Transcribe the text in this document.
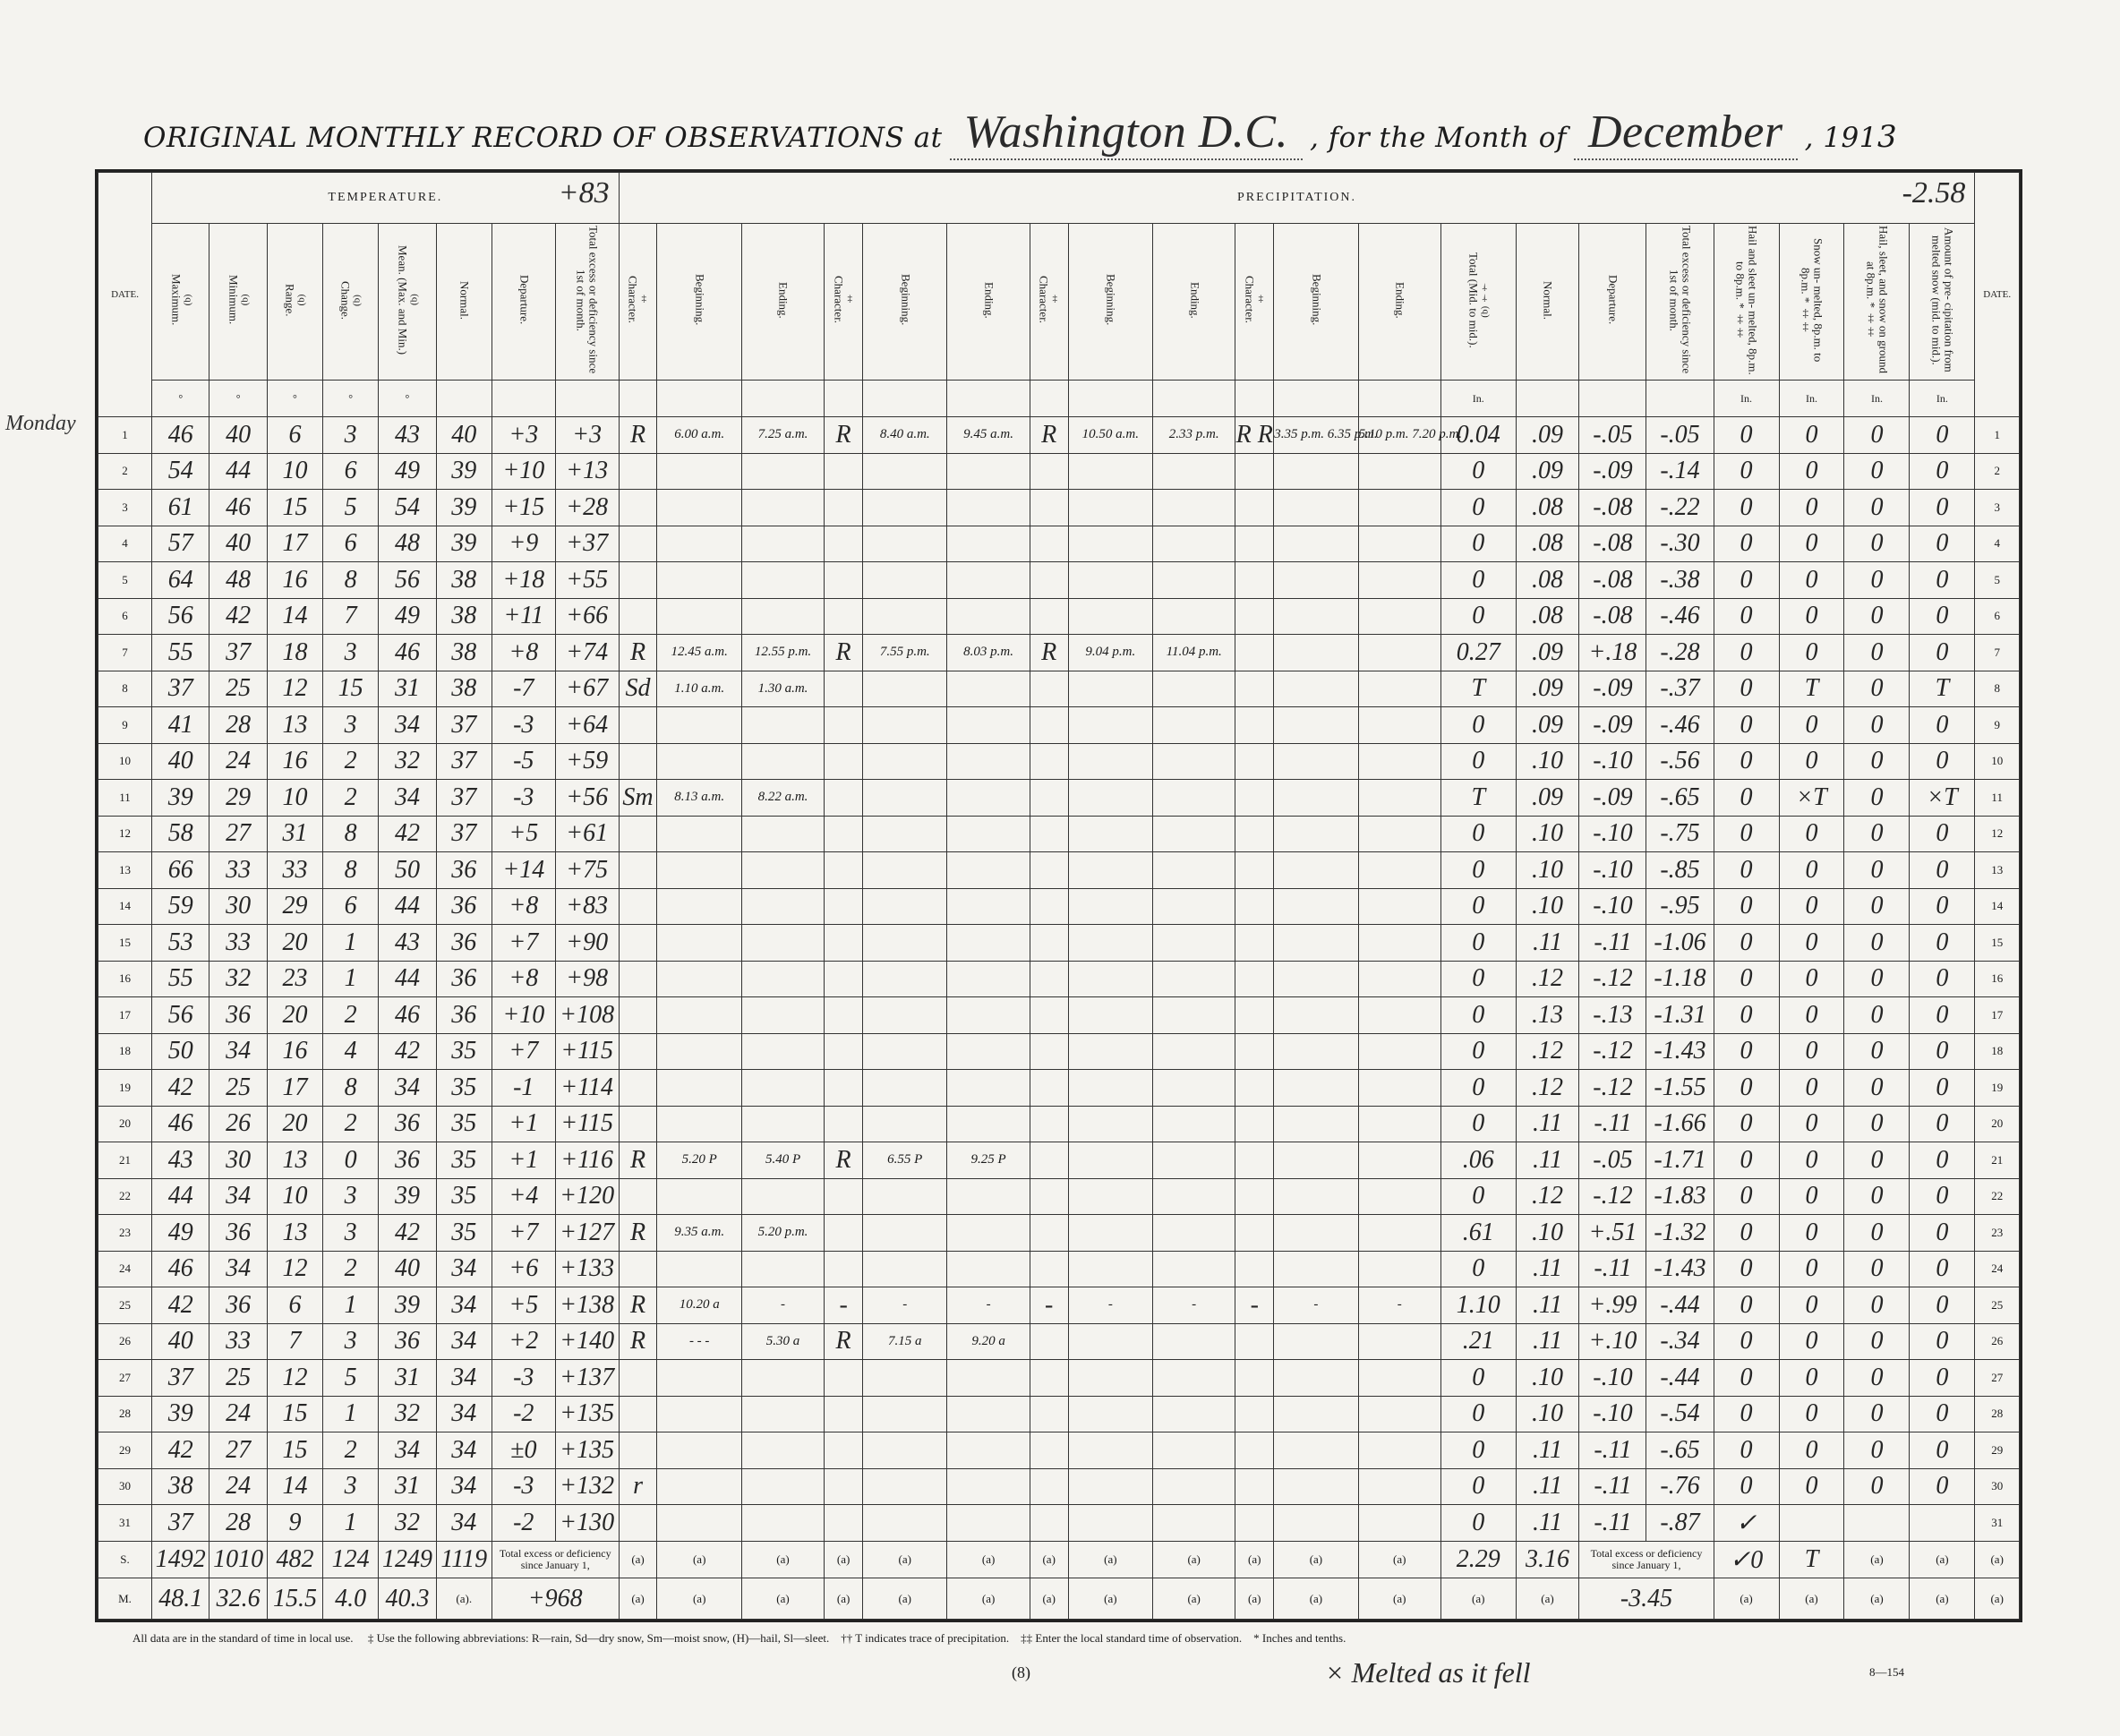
ORIGINAL MONTHLY RECORD OF OBSERVATIONS at Washington D.C. , for the Month of December , 191 3
Monday
DATE.	TEMPERATURE. +83								PRECIPITATION. -2.58																				DATE.
	Maximum. (b)	Minimum. (b)	Range. (b)	Change. (b)	Mean. (Max. and Min.) (b)	Normal.	Departure.	Total excess or deficiency since 1st of month.	Character. ‡	Beginning.	Ending.	Character. ‡	Beginning.	Ending.	Character. ‡	Beginning.	Ending.	Character. ‡	Beginning.	Ending.	Total (Mid. to mid.). (b) ††	Normal.	Departure.	Total excess or deficiency since 1st of month.	Hail and sleet un- melted, 8p.m. to 8p.m. * ‡‡	Snow un- melted, 8p.m. to 8p.m. * ‡‡	Hail, sleet, and snow on ground at 8p.m. * ‡‡	Amount of pre- cipitation from melted snow (mid. to mid.).	
	°	°	°	°	°																In.				In.	In.	In.	In.	
1	46	40	6	3	43	40	+3	+3	R	6.00 a.m.	7.25 a.m.	R	8.40 a.m.	9.45 a.m.	R	10.50 a.m.	2.33 p.m.	R R	3.35 p.m. 6.35 p.m.	5.10 p.m. 7.20 p.m.	0.04	.09	-.05	-.05	0	0	0	0	1
2	54	44	10	6	49	39	+10	+13													0	.09	-.09	-.14	0	0	0	0	2
3	61	46	15	5	54	39	+15	+28													0	.08	-.08	-.22	0	0	0	0	3
4	57	40	17	6	48	39	+9	+37													0	.08	-.08	-.30	0	0	0	0	4
5	64	48	16	8	56	38	+18	+55													0	.08	-.08	-.38	0	0	0	0	5
6	56	42	14	7	49	38	+11	+66													0	.08	-.08	-.46	0	0	0	0	6
7	55	37	18	3	46	38	+8	+74	R	12.45 a.m.	12.55 p.m.	R	7.55 p.m.	8.03 p.m.	R	9.04 p.m.	11.04 p.m.				0.27	.09	+.18	-.28	0	0	0	0	7
8	37	25	12	15	31	38	-7	+67	Sd	1.10 a.m.	1.30 a.m.										T	.09	-.09	-.37	0	T	0	T	8
9	41	28	13	3	34	37	-3	+64													0	.09	-.09	-.46	0	0	0	0	9
10	40	24	16	2	32	37	-5	+59													0	.10	-.10	-.56	0	0	0	0	10
11	39	29	10	2	34	37	-3	+56	Sm	8.13 a.m.	8.22 a.m.										T	.09	-.09	-.65	0	×T	0	×T	11
12	58	27	31	8	42	37	+5	+61													0	.10	-.10	-.75	0	0	0	0	12
13	66	33	33	8	50	36	+14	+75													0	.10	-.10	-.85	0	0	0	0	13
14	59	30	29	6	44	36	+8	+83													0	.10	-.10	-.95	0	0	0	0	14
15	53	33	20	1	43	36	+7	+90													0	.11	-.11	-1.06	0	0	0	0	15
16	55	32	23	1	44	36	+8	+98													0	.12	-.12	-1.18	0	0	0	0	16
17	56	36	20	2	46	36	+10	+108													0	.13	-.13	-1.31	0	0	0	0	17
18	50	34	16	4	42	35	+7	+115													0	.12	-.12	-1.43	0	0	0	0	18
19	42	25	17	8	34	35	-1	+114													0	.12	-.12	-1.55	0	0	0	0	19
20	46	26	20	2	36	35	+1	+115													0	.11	-.11	-1.66	0	0	0	0	20
21	43	30	13	0	36	35	+1	+116	R	5.20 P	5.40 P	R	6.55 P	9.25 P							.06	.11	-.05	-1.71	0	0	0	0	21
22	44	34	10	3	39	35	+4	+120													0	.12	-.12	-1.83	0	0	0	0	22
23	49	36	13	3	42	35	+7	+127	R	9.35 a.m.	5.20 p.m.										.61	.10	+.51	-1.32	0	0	0	0	23
24	46	34	12	2	40	34	+6	+133													0	.11	-.11	-1.43	0	0	0	0	24
25	42	36	6	1	39	34	+5	+138	R	10.20 a	-	-	-	-	-	-	-	-	-	-	1.10	.11	+.99	-.44	0	0	0	0	25
26	40	33	7	3	36	34	+2	+140	R	- - -	5.30 a	R	7.15 a	9.20 a							.21	.11	+.10	-.34	0	0	0	0	26
27	37	25	12	5	31	34	-3	+137													0	.10	-.10	-.44	0	0	0	0	27
28	39	24	15	1	32	34	-2	+135													0	.10	-.10	-.54	0	0	0	0	28
29	42	27	15	2	34	34	±0	+135													0	.11	-.11	-.65	0	0	0	0	29
30	38	24	14	3	31	34	-3	+132	r												0	.11	-.11	-.76	0	0	0	0	30
31	37	28	9	1	32	34	-2	+130													0	.11	-.11	-.87	✓				31
S.	1492	1010	482	124	1249	1119	Total excess or deficiency since January 1,		(a)	(a)	(a)	(a)	(a)	(a)	(a)	(a)	(a)	(a)	(a)	(a)	2.29	3.16	Total excess or deficiency since January 1,		✓0	T	(a)	(a)	(a)
M.	48.1	32.6	15.5	4.0	40.3	(a).	+968		(a)	(a)	(a)	(a)	(a)	(a)	(a)	(a)	(a)	(a)	(a)	(a)	(a)	(a)	-3.45		(a)	(a)	(a)	(a)	(a)
All data are in the standard of time in local use. ‡ Use the following abbreviations: R—rain, Sd—dry snow, Sm—moist snow, (H)—hail, Sl—sleet. †† T indicates trace of precipitation. ‡‡ Enter the local standard time of observation. * Inches and tenths.
(8)	× Melted as it fell	8—154
